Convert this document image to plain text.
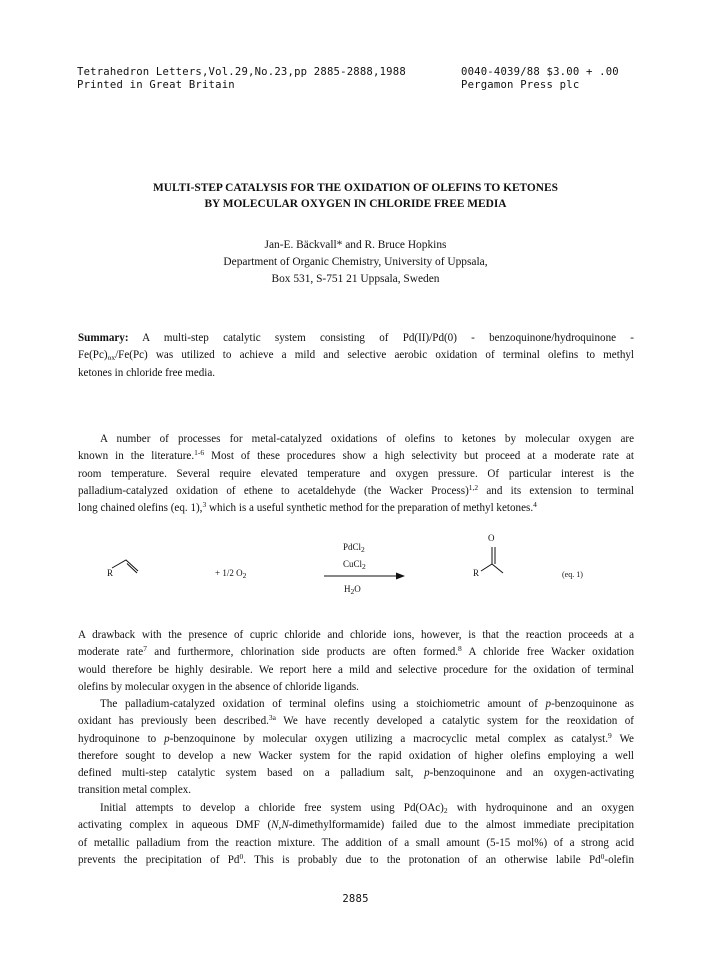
Tetrahedron Letters,Vol.29,No.23,pp 2885-2888,1988	0040-4039/88 $3.00 + .00
Printed in Great Britain	Pergamon Press plc
MULTI-STEP CATALYSIS FOR THE OXIDATION OF OLEFINS TO KETONES
BY MOLECULAR OXYGEN IN CHLORIDE FREE MEDIA
Jan-E. Bäckvall* and R. Bruce Hopkins
Department of Organic Chemistry, University of Uppsala,
Box 531, S-751 21 Uppsala, Sweden
Summary: A multi-step catalytic system consisting of Pd(II)/Pd(0) - benzoquinone/hydroquinone -
$Fe(Pc)_{ox}/Fe(Pc)$ was utilized to achieve a mild and selective aerobic oxidation of terminal olefins to methyl
ketones in chloride free media.
A number of processes for metal-catalyzed oxidations of olefins to ketones by molecular oxygen are
known in the literature.$^{1-6}$ Most of these procedures show a high selectivity but proceed at a moderate rate at
room temperature. Several require elevated temperature and oxygen pressure. Of particular interest is the
palladium-catalyzed oxidation of ethene to acetaldehyde (the Wacker Process)$^{1,2}$ and its extension to terminal
long chained olefins (eq. 1),$^3$ which is a useful synthetic method for the preparation of methyl ketones.$^4$
R	+ 1/2 $O_2$
PdCl$_2$
CuCl$_2$
$H_2O$
O
R	(eq. 1)
A drawback with the presence of cupric chloride and chloride ions, however, is that the reaction proceeds at a
moderate rate$^7$ and furthermore, chlorination side products are often formed.$^8$ A chloride free Wacker oxidation
would therefore be highly desirable. We report here a mild and selective procedure for the oxidation of terminal
olefins by molecular oxygen in the absence of chloride ligands.
The palladium-catalyzed oxidation of terminal olefins using a stoichiometric amount of p-benzoquinone as
oxidant has previously been described.$^{3a}$ We have recently developed a catalytic system for the reoxidation of
hydroquinone to p-benzoquinone by molecular oxygen utilizing a macrocyclic metal complex as catalyst.$^9$ We
therefore sought to develop a new Wacker system for the rapid oxidation of higher olefins employing a well
defined multi-step catalytic system based on a palladium salt, p-benzoquinone and an oxygen-activating
transition metal complex.
Initial attempts to develop a chloride free system using $Pd(OAc)_2$ with hydroquinone and an oxygen
activating complex in aqueous DMF (N,N-dimethylformamide) failed due to the almost immediate precipitation
of metallic palladium from the reaction mixture. The addition of a small amount (5-15 mol%) of a strong acid
prevents the precipitation of Pd$^0$. This is probably due to the protonation of an otherwise labile Pd$^0$-olefin
2885
